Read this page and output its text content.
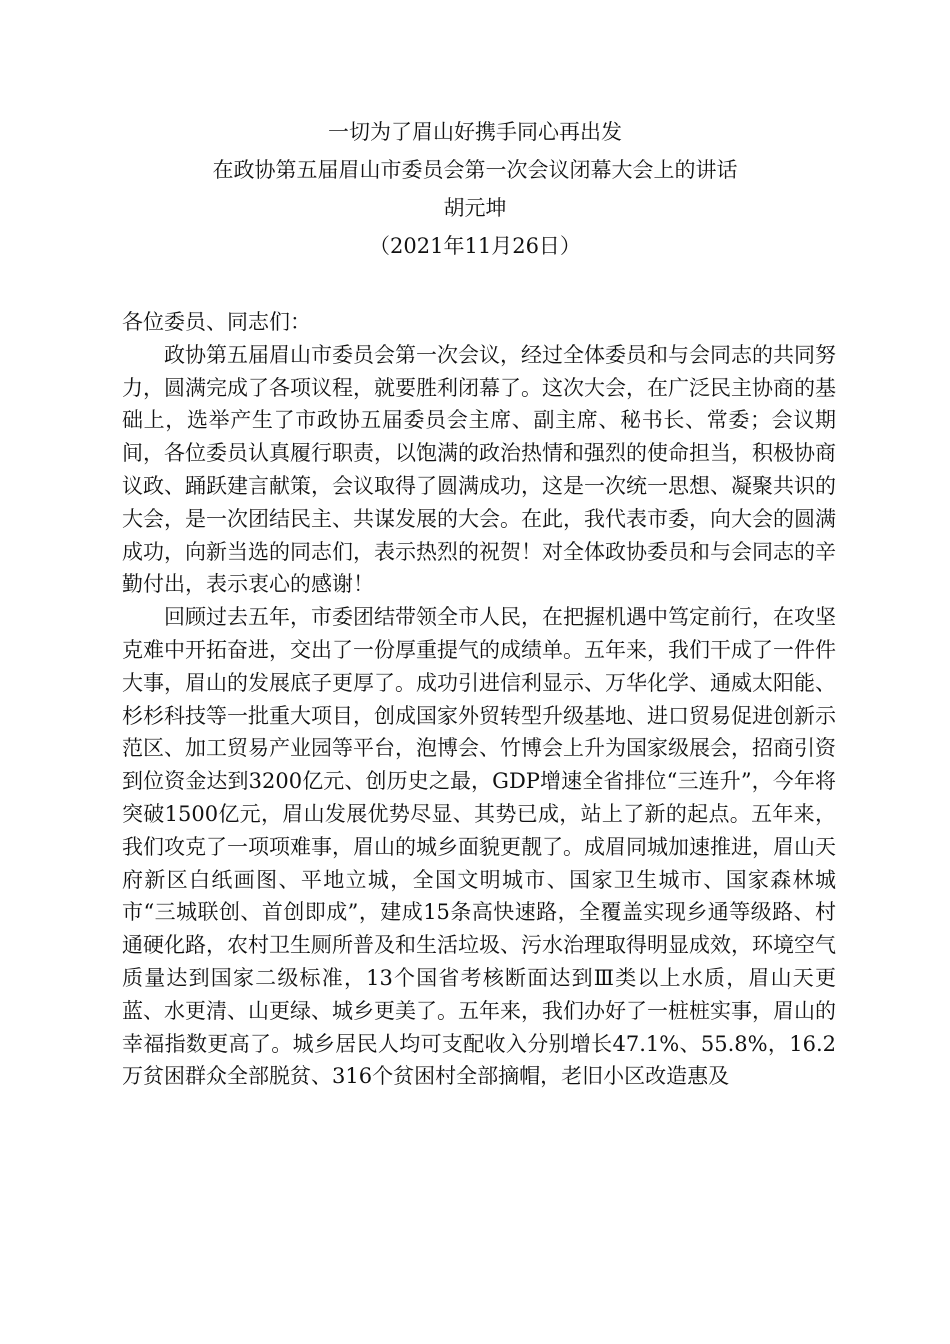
一切为了眉山好携手同心再出发
在政协第五届眉山市委员会第一次会议闭幕大会上的讲话
胡元坤
（2021年11月26日）

各位委员、同志们：

政协第五届眉山市委员会第一次会议，经过全体委员和与会同志的共同努力，圆满完成了各项议程，就要胜利闭幕了。这次大会，在广泛民主协商的基础上，选举产生了市政协五届委员会主席、副主席、秘书长、常委；会议期间，各位委员认真履行职责，以饱满的政治热情和强烈的使命担当，积极协商议政、踊跃建言献策，会议取得了圆满成功，这是一次统一思想、凝聚共识的大会，是一次团结民主、共谋发展的大会。在此，我代表市委，向大会的圆满成功，向新当选的同志们，表示热烈的祝贺！对全体政协委员和与会同志的辛勤付出，表示衷心的感谢！

回顾过去五年，市委团结带领全市人民，在把握机遇中笃定前行，在攻坚克难中开拓奋进，交出了一份厚重提气的成绩单。五年来，我们干成了一件件大事，眉山的发展底子更厚了。成功引进信利显示、万华化学、通威太阳能、杉杉科技等一批重大项目，创成国家外贸转型升级基地、进口贸易促进创新示范区、加工贸易产业园等平台，泡博会、竹博会上升为国家级展会，招商引资到位资金达到3200亿元、创历史之最，GDP增速全省排位“三连升”，今年将突破1500亿元，眉山发展优势尽显、其势已成，站上了新的起点。五年来，我们攻克了一项项难事，眉山的城乡面貌更靓了。成眉同城加速推进，眉山天府新区白纸画图、平地立城，全国文明城市、国家卫生城市、国家森林城市“三城联创、首创即成”，建成15条高快速路，全覆盖实现乡通等级路、村通硬化路，农村卫生厕所普及和生活垃圾、污水治理取得明显成效，环境空气质量达到国家二级标准，13个国省考核断面达到Ⅲ类以上水质，眉山天更蓝、水更清、山更绿、城乡更美了。五年来，我们办好了一桩桩实事，眉山的幸福指数更高了。城乡居民人均可支配收入分别增长47.1%、55.8%，16.2万贫困群众全部脱贫、316个贫困村全部摘帽，老旧小区改造惠及
